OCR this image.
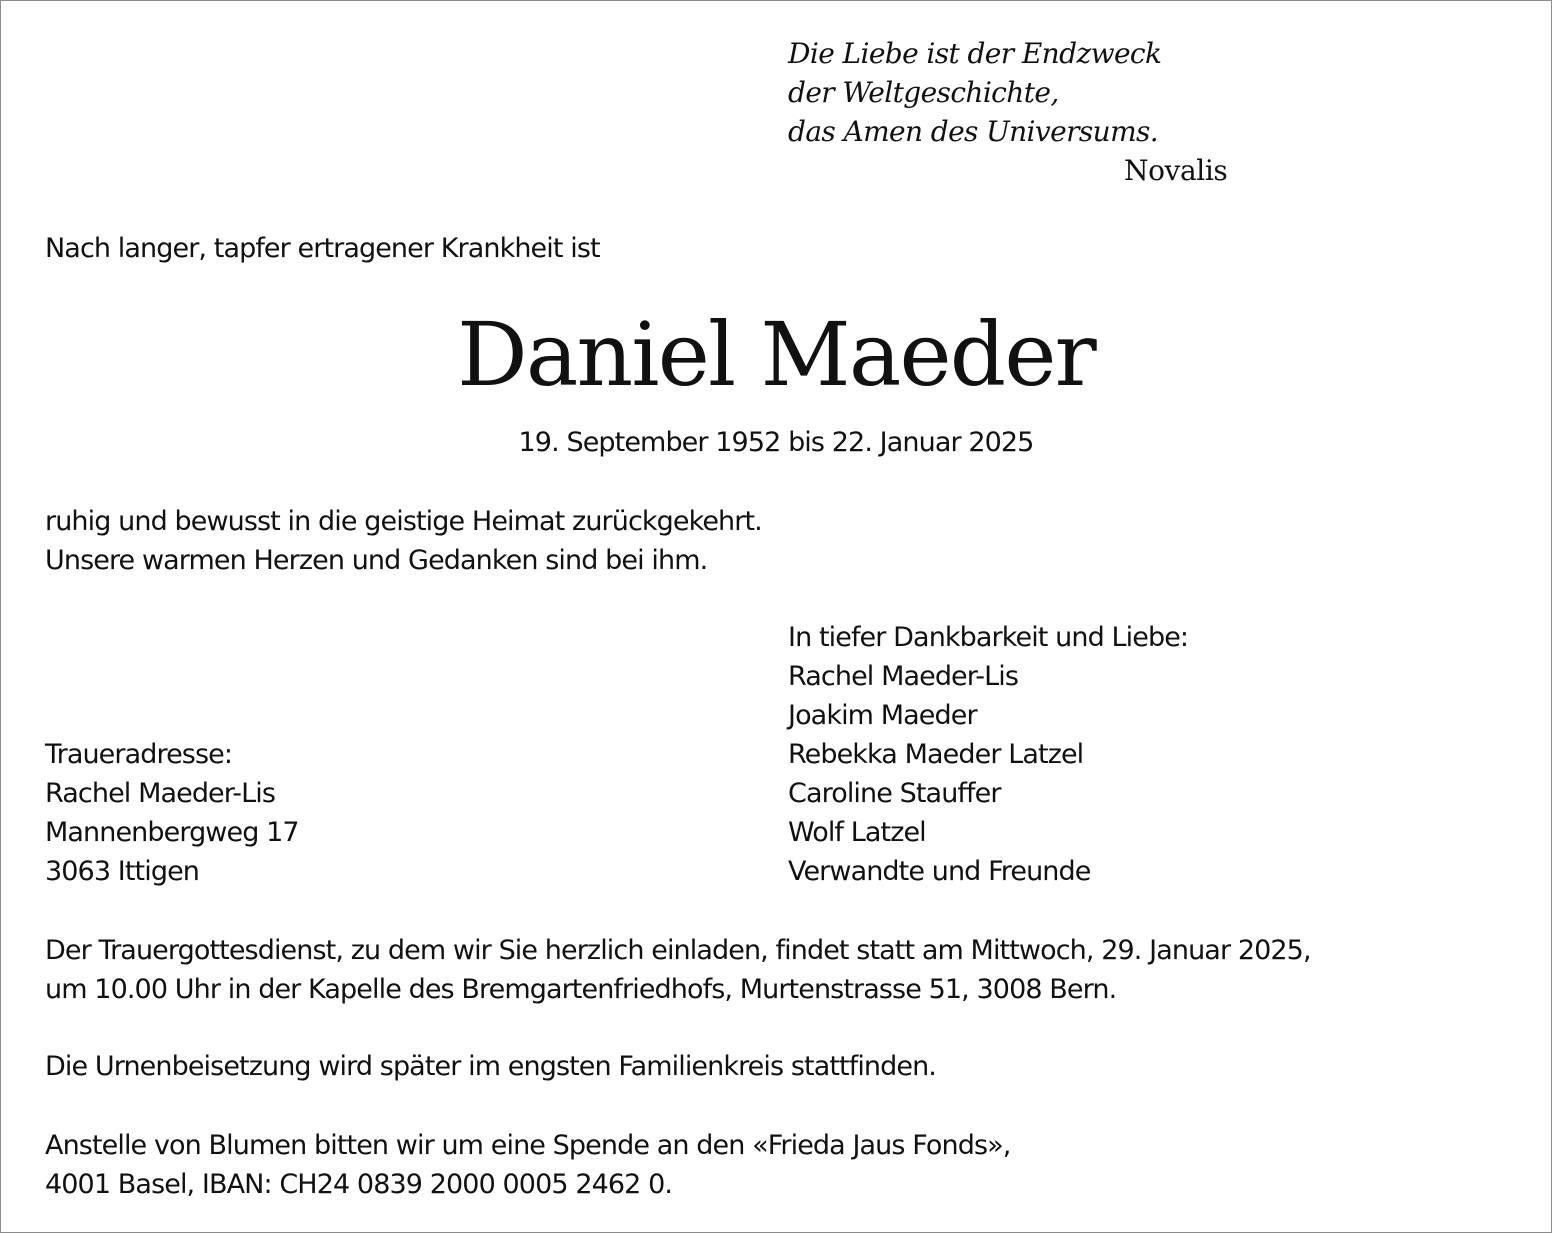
Die Liebe ist der Endzweck
der Weltgeschichte,
das Amen des Universums.
Novalis
Nach langer, tapfer ertragener Krankheit ist
Daniel Maeder
19. September 1952 bis 22. Januar 2025
ruhig und bewusst in die geistige Heimat zurückgekehrt.
Unsere warmen Herzen und Gedanken sind bei ihm.
In tiefer Dankbarkeit und Liebe:
Rachel Maeder-Lis
Joakim Maeder
Rebekka Maeder Latzel
Caroline Stauffer
Wolf Latzel
Verwandte und Freunde
Traueradresse:
Rachel Maeder-Lis
Mannenbergweg 17
3063 Ittigen
Der Trauergottesdienst, zu dem wir Sie herzlich einladen, findet statt am Mittwoch, 29. Januar 2025,
um 10.00 Uhr in der Kapelle des Bremgartenfriedhofs, Murtenstrasse 51, 3008 Bern.
Die Urnenbeisetzung wird später im engsten Familienkreis stattfinden.
Anstelle von Blumen bitten wir um eine Spende an den «Frieda Jaus Fonds»,
4001 Basel, IBAN: CH24 0839 2000 0005 2462 0.
